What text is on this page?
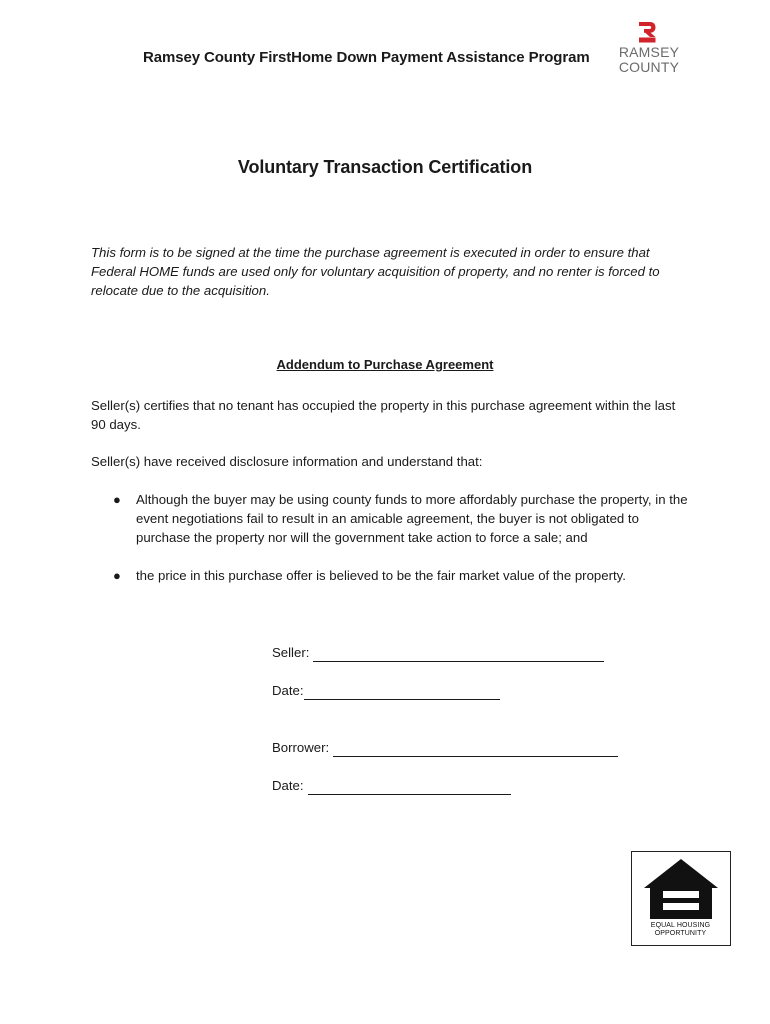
Ramsey County FirstHome Down Payment Assistance Program RAMSEY
COUNTY
Voluntary Transaction Certification

This form is to be signed at the time the purchase agreement is executed in order to ensure that Federal HOME funds are used only for voluntary acquisition of property, and no renter is forced to relocate due to the acquisition.

Addendum to Purchase Agreement

Seller(s) certifies that no tenant has occupied the property in this purchase agreement within the last 90 days.

Seller(s) have received disclosure information and understand that:

● Although the buyer may be using county funds to more affordably purchase the property, in the event negotiations fail to result in an amicable agreement, the buyer is not obligated to purchase the property nor will the government take action to force a sale; and
● the price in this purchase offer is believed to be the fair market value of the property.
Seller:
Date:
Borrower:
Date:
EQUAL HOUSING
OPPORTUNITY
